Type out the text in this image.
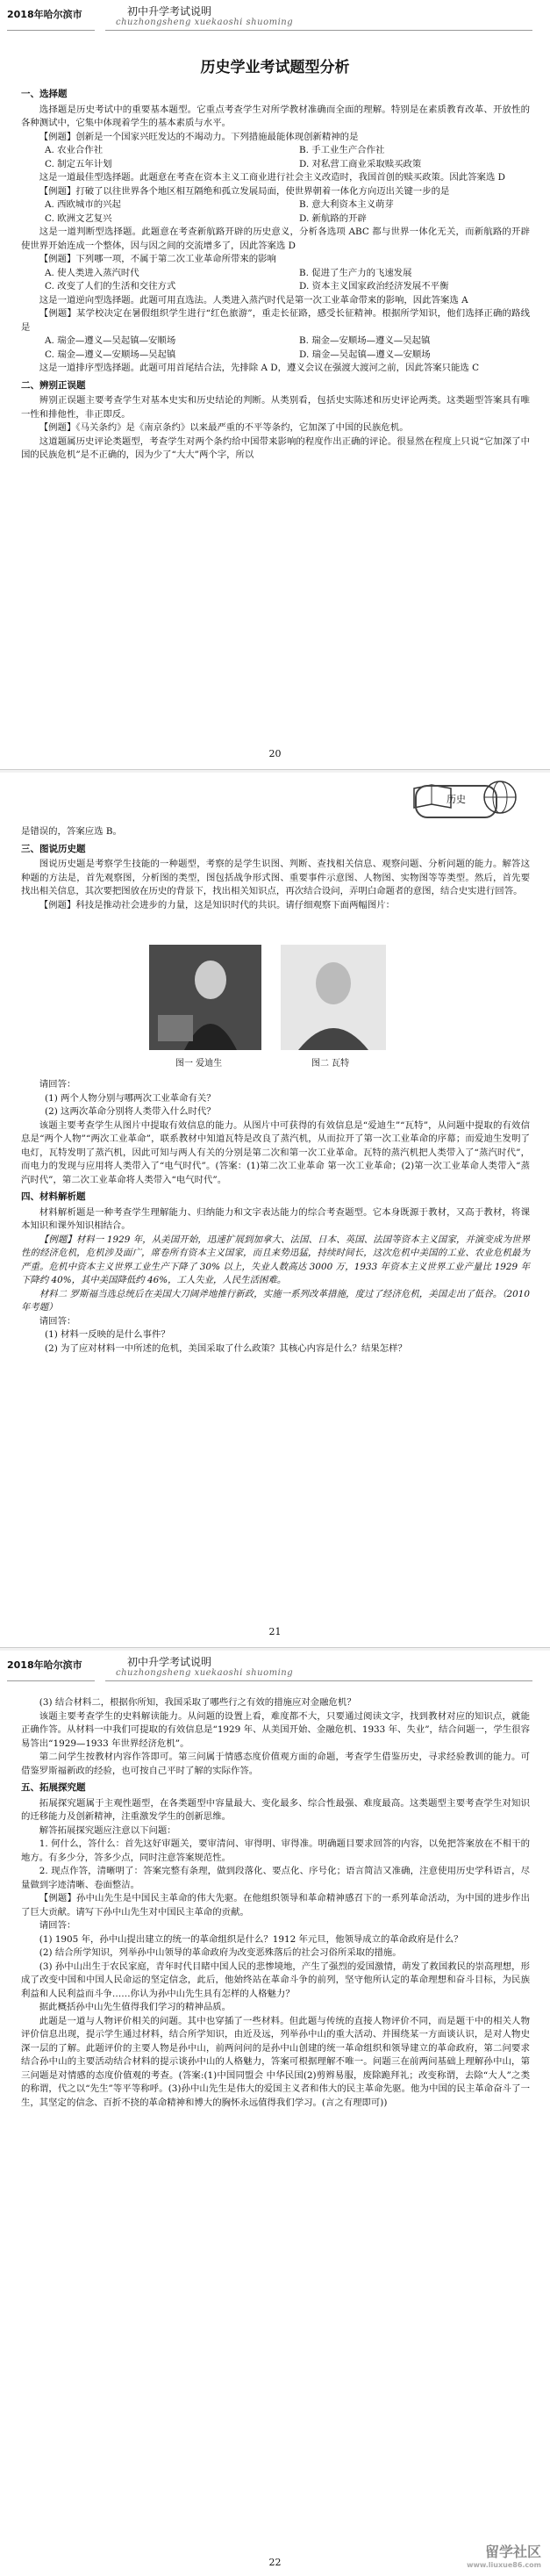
2018年哈尔滨市	初中升学考试说明
chuzhongsheng xuekaoshi shuoming
历史学业考试题型分析
一、选择题

选择题是历史考试中的重要基本题型。它重点考查学生对所学教材准确而全面的理解。特别是在素质教育改革、开放性的各种测试中，它集中体现着学生的基本素质与水平。

【例题】创新是一个国家兴旺发达的不竭动力。下列措施最能体现创新精神的是

A. 农业合作社	B. 手工业生产合作社

C. 制定五年计划	D. 对私营工商业采取赎买政策

这是一道最佳型选择题。此题意在考查在资本主义工商业进行社会主义改造时，我国首创的赎买政策。因此答案选 D

【例题】打破了以往世界各个地区相互隔绝和孤立发展局面，使世界朝着一体化方向迈出关键一步的是

A. 西欧城市的兴起	B. 意大利资本主义萌芽

C. 欧洲文艺复兴	D. 新航路的开辟

这是一道判断型选择题。此题意在考查新航路开辟的历史意义，分析各选项 ABC 都与世界一体化无关，而新航路的开辟使世界开始连成一个整体，因与因之间的交流增多了，因此答案选 D

【例题】下列哪一项，不属于第二次工业革命所带来的影响

A. 使人类进入蒸汽时代	B. 促进了生产力的飞速发展

C. 改变了人们的生活和交往方式	D. 资本主义国家政治经济发展不平衡

这是一道逆向型选择题。此题可用直选法。人类进入蒸汽时代是第一次工业革命带来的影响，因此答案选 A

【例题】某学校决定在暑假组织学生进行“红色旅游”，重走长征路，感受长征精神。根据所学知识，他们选择正确的路线是

A. 瑞金—遵义—吴起镇—安顺场	B. 瑞金—安顺场—遵义—吴起镇

C. 瑞金—遵义—安顺场—吴起镇	D. 瑞金—吴起镇—遵义—安顺场

这是一道排序型选择题。此题可用首尾结合法，先排除 A D，遵义会议在强渡大渡河之前，因此答案只能选 C

二、辨别正误题

辨别正误题主要考查学生对基本史实和历史结论的判断。从类别看，包括史实陈述和历史评论两类。这类题型答案具有唯一性和排他性，非正即反。

【例题】《马关条约》是《南京条约》以来最严重的不平等条约，它加深了中国的民族危机。

这道题属历史评论类题型，考查学生对两个条约给中国带来影响的程度作出正确的评论。很显然在程度上只说“它加深了中国的民族危机”是不正确的，因为少了“大大”两个字，所以

20
历史

是错误的，答案应选 B。

三、图说历史题

图说历史题是考察学生技能的一种题型，考察的是学生识图、判断、查找相关信息、观察问题、分析问题的能力。解答这种题的方法是，首先观察图，分析图的类型，图包括战争形式图、重要事件示意图、人物图、实物图等等类型。然后，首先要找出相关信息，其次要把图放在历史的背景下，找出相关知识点，再次结合设问，弄明白命题者的意图，结合史实进行回答。

【例题】科技是推动社会进步的力量，这是知识时代的共识。请仔细观察下面两幅图片：

图一 爱迪生	图二 瓦特

请回答：

(1) 两个人物分别与哪两次工业革命有关？

(2) 这两次革命分别将人类带入什么时代？

该题主要考查学生从图片中提取有效信息的能力。从图片中可获得的有效信息是“爱迪生”“瓦特”，从问题中提取的有效信息是“两个人物”“两次工业革命”，联系教材中知道瓦特是改良了蒸汽机，从而拉开了第一次工业革命的序幕；而爱迪生发明了电灯，瓦特发明了蒸汽机，因此可知与两人有关的分别是第二次和第一次工业革命。瓦特的蒸汽机把人类带入了“蒸汽时代”，而电力的发现与应用将人类带入了“电气时代”。(答案：(1)第二次工业革命 第一次工业革命；(2)第一次工业革命人类带入“蒸汽时代”，第二次工业革命将人类带入“电气时代”。

四、材料解析题

材料解析题是一种考查学生理解能力、归纳能力和文字表达能力的综合考查题型。它本身既源于教材，又高于教材，将课本知识和课外知识相结合。

【例题】材料一 1929 年，从美国开始，迅速扩展到加拿大、法国、日本、英国、法国等资本主义国家，并演变成为世界性的经济危机，危机涉及面广，席卷所有资本主义国家，而且来势迅猛，持续时间长，这次危机中美国的工业、农业危机最为严重。危机中资本主义世界工业生产下降了 30% 以上，失业人数高达 3000 万，1933 年资本主义世界工业产量比 1929 年下降约 40%，其中美国降低约 46%，工人失业，人民生活困难。

材料二 罗斯福当选总统后在美国大刀阔斧地推行新政，实施一系列改革措施，度过了经济危机，美国走出了低谷。（2010 年考题）

请回答：

(1) 材料一反映的是什么事件？

(2) 为了应对材料一中所述的危机，美国采取了什么政策？其核心内容是什么？结果怎样？

21
2018年哈尔滨市	初中升学考试说明
chuzhongsheng xuekaoshi shuoming

(3) 结合材料二，根据你所知，我国采取了哪些行之有效的措施应对金融危机？

该题主要考查学生的史料解读能力。从问题的设置上看，难度都不大，只要通过阅读文字，找到教材对应的知识点，就能正确作答。从材料一中我们可提取的有效信息是“1929 年、从美国开始、金融危机、1933 年、失业”，结合问题一，学生很容易答出“1929—1933 年世界经济危机”。

第二问学生按教材内容作答即可。第三问属于情感态度价值观方面的命题，考查学生借鉴历史，寻求经验教训的能力。可借鉴罗斯福新政的经验，也可按自己平时了解的实际作答。

五、拓展探究题

拓展探究题属于主观性题型，在各类题型中容量最大、变化最多、综合性最强、难度最高。这类题型主要考查学生对知识的迁移能力及创新精神，注重激发学生的创新思维。

解答拓展探究题应注意以下问题：

1. 何什么，答什么：首先这好审题关，要审清问、审得明、审得准。明确题目要求回答的内容，以免把答案放在不相干的地方。有多少分，答多少点，同时注意答案规范性。

2. 现点作答，清晰明了：答案完整有条理，做到段落化、要点化、序号化；语言简洁又准确，注意使用历史学科语言，尽量做到字迹清晰、卷面整洁。

【例题】孙中山先生是中国民主革命的伟大先驱。在他组织领导和革命精神感召下的一系列革命活动，为中国的进步作出了巨大贡献。请写下孙中山先生对中国民主革命的贡献。

请回答：

(1) 1905 年，孙中山提出建立的统一的革命组织是什么？1912 年元旦，他领导成立的革命政府是什么？

(2) 结合所学知识，列举孙中山领导的革命政府为改变恶殊落后的社会习俗所采取的措施。

(3) 孙中山出生于农民家庭，青年时代目睹中国人民的悲惨境地，产生了强烈的爱国激情，萌发了救国救民的崇高理想，形成了改变中国和中国人民命运的坚定信念，此后，他始终站在革命斗争的前列，坚守他所认定的革命理想和奋斗目标，为民族利益和人民利益而斗争……你认为孙中山先生具有怎样的人格魅力？

据此概括孙中山先生值得我们学习的精神品质。

此题是一道与人物评价相关的问题。其中也穿插了一些材料。但此题与传统的直接人物评价不同，而是题干中的相关人物评价信息出现，提示学生通过材料，结合所学知识，由近及远，列举孙中山的重大活动、并围绕某一方面谈认识，是对人物史深一层的了解。此题评价的主要人物是孙中山，前两问问的是孙中山创建的统一革命组织和领导建立的革命政府，第二问要求结合孙中山的主要活动结合材料的提示谈孙中山的人格魅力，答案可根据理解不唯一。问题三在前两问基础上理解孙中山，第三问题是对情感的态度价值观的考查。(答案:(1)中国同盟会 中华民国(2)剪辫易服，废除跪拜礼；改变称谓，去除“大人”之类的称谓，代之以“先生”等平等称呼。(3)孙中山先生是伟大的爱国主义者和伟大的民主革命先驱。他为中国的民主革命奋斗了一生，其坚定的信念、百折不挠的革命精神和博大的胸怀永远值得我们学习。(言之有理即可))

22
留学社区
www.liuxue86.com
